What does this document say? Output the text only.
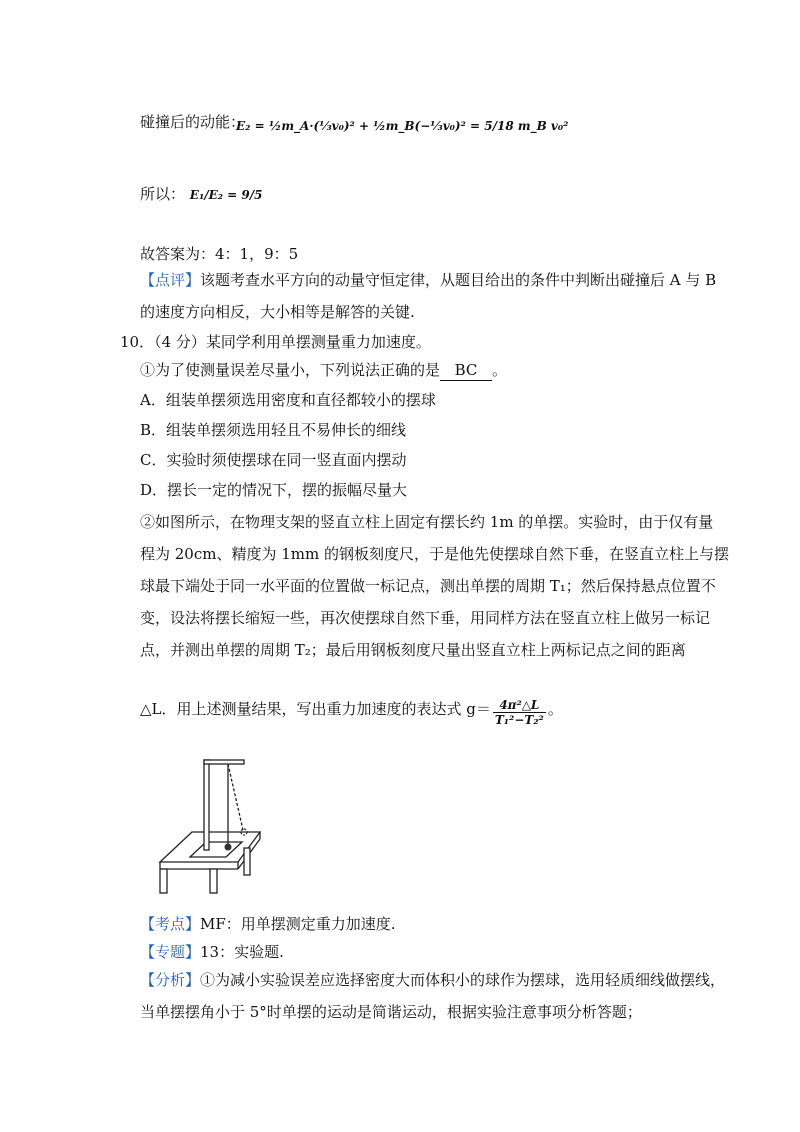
碰撞后的动能：
E₂ = ½m_A·(⅓v₀)² + ½m_B(−⅓v₀)² = 5/18 m_B v₀²
所以： E₁/E₂ = 9/5
故答案为：4：1，9：5
【点评】该题考查水平方向的动量守恒定律，从题目给出的条件中判断出碰撞后 A 与 B
的速度方向相反，大小相等是解答的关键.
10．（4 分）某同学利用单摆测量重力加速度。
①为了使测量误差尽量小，下列说法正确的是 BC 。
A．组装单摆须选用密度和直径都较小的摆球
B．组装单摆须选用轻且不易伸长的细线
C．实验时须使摆球在同一竖直面内摆动
D．摆长一定的情况下，摆的振幅尽量大
②如图所示，在物理支架的竖直立柱上固定有摆长约 1m 的单摆。实验时，由于仅有量
程为 20cm、精度为 1mm 的钢板刻度尺，于是他先使摆球自然下垂，在竖直立柱上与摆
球最下端处于同一水平面的位置做一标记点，测出单摆的周期 T₁；然后保持悬点位置不
变，设法将摆长缩短一些，再次使摆球自然下垂，用同样方法在竖直立柱上做另一标记
点，并测出单摆的周期 T₂；最后用钢板刻度尺量出竖直立柱上两标记点之间的距离
△L．用上述测量结果，写出重力加速度的表达式 $g= \frac{\text{4π²△L}}{\text{T₁²−T₂²}}$ 。
【考点】MF：用单摆测定重力加速度.
【专题】13：实验题.
【分析】①为减小实验误差应选择密度大而体积小的球作为摆球，选用轻质细线做摆线，
当单摆摆角小于 5°时单摆的运动是简谐运动，根据实验注意事项分析答题；
